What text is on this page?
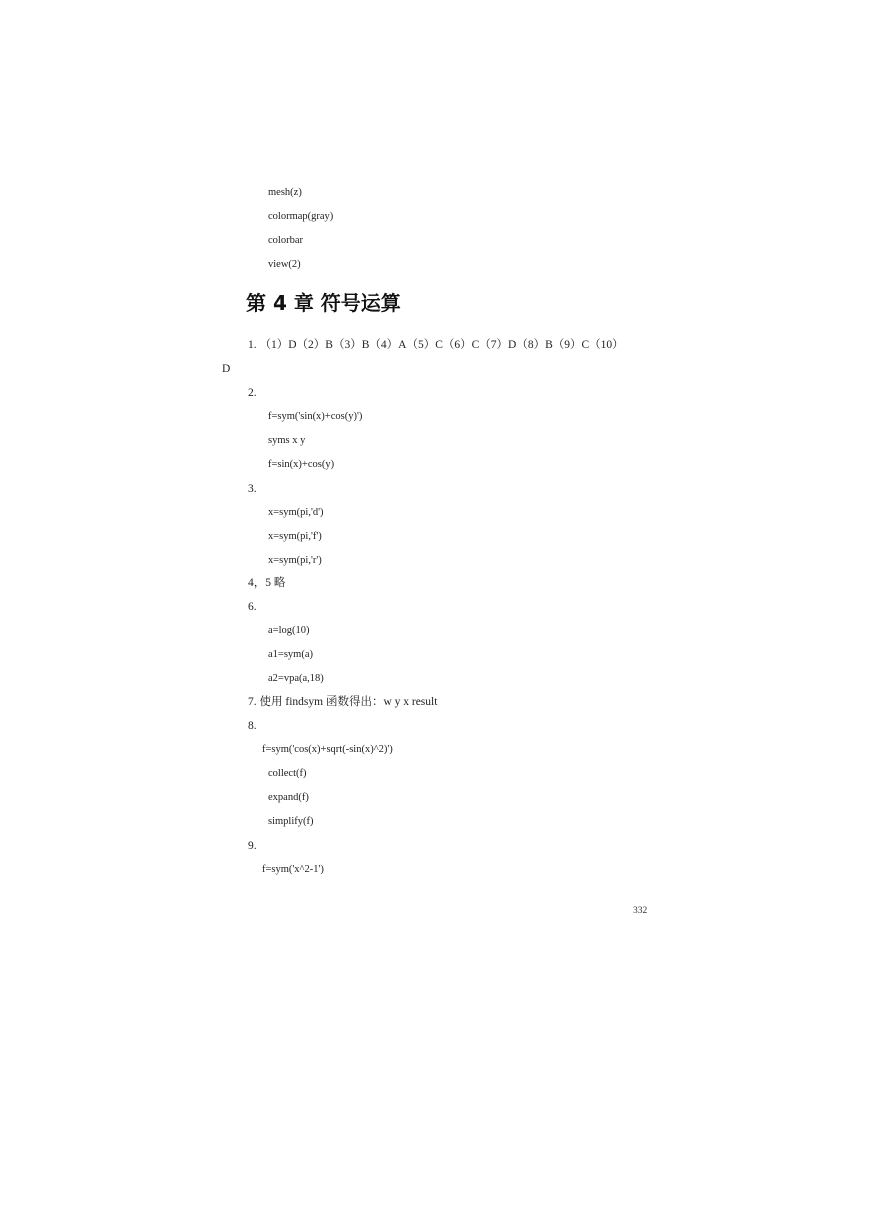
mesh(z)
colormap(gray)
colorbar
view(2)
第 4 章 符号运算
1. （1）D（2）B（3）B（4）A（5）C（6）C（7）D（8）B（9）C（10）
D
2.
f=sym('sin(x)+cos(y)')
syms x y
f=sin(x)+cos(y)
3.
x=sym(pi,'d')
x=sym(pi,'f')
x=sym(pi,'r')
4，5 略
6.
a=log(10)
a1=sym(a)
a2=vpa(a,18)
7. 使用 findsym 函数得出：w y x result
8.
f=sym('cos(x)+sqrt(-sin(x)^2)')
collect(f)
expand(f)
simplify(f)
9.
f=sym('x^2-1')
332
